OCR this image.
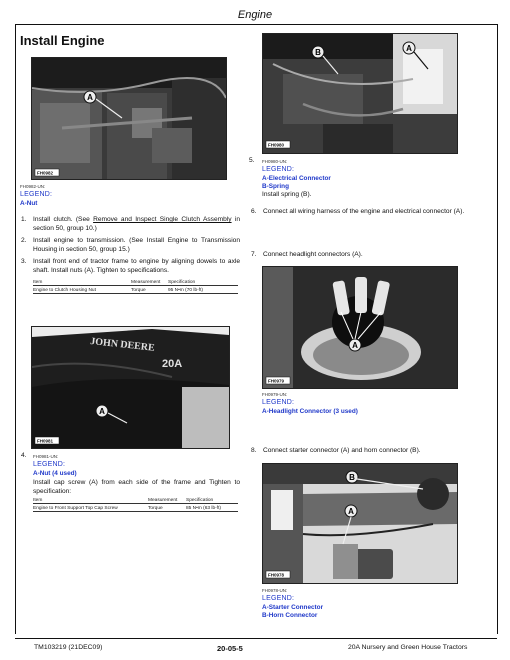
Engine
Install Engine
A
FH0982
FH0982-UN:
LEGEND:
A-Nut
1. Install clutch. (See Remove and Inspect Single Clutch Assembly in section 50, group 10.)
2. Install engine to transmission. (See Install Engine to Transmission Housing in section 50, group 15.)
3. Install front end of tractor frame to engine by aligning dowels to axle shaft. Install nuts (A). Tighten to specifications.
Item	Measurement	Specification
Engine to Clutch Housing Nut	Torque	95 N•m (70 lb-ft)
JOHN DEERE
20A
A
FH0981
4. FH0981-UN:
LEGEND:
A-Nut (4 used)
Install cap screw (A) from each side of the frame and Tighten to specification:
Item	Measurement	Specification
Engine to Front Support Top Cap Screw	Torque	85 N•m (63 lb-ft)
B	A
FH0980
5. FH0980-UN:
LEGEND:
A-Electrical Connector
B-Spring
Install spring (B).
6. Connect all wiring harness of the engine and electrical connector (A).
7. Connect headlight connectors (A).
A
FH0979
FH0979-UN:
LEGEND:
A-Headlight Connector (3 used)
8. Connect starter connector (A) and horn connector (B).
A
B
FH0978
FH0978-UN:
LEGEND:
A-Starter Connector
B-Horn Connector
TM103219 (21DEC09)	20-05-5	20A Nursery and Green House Tractors
